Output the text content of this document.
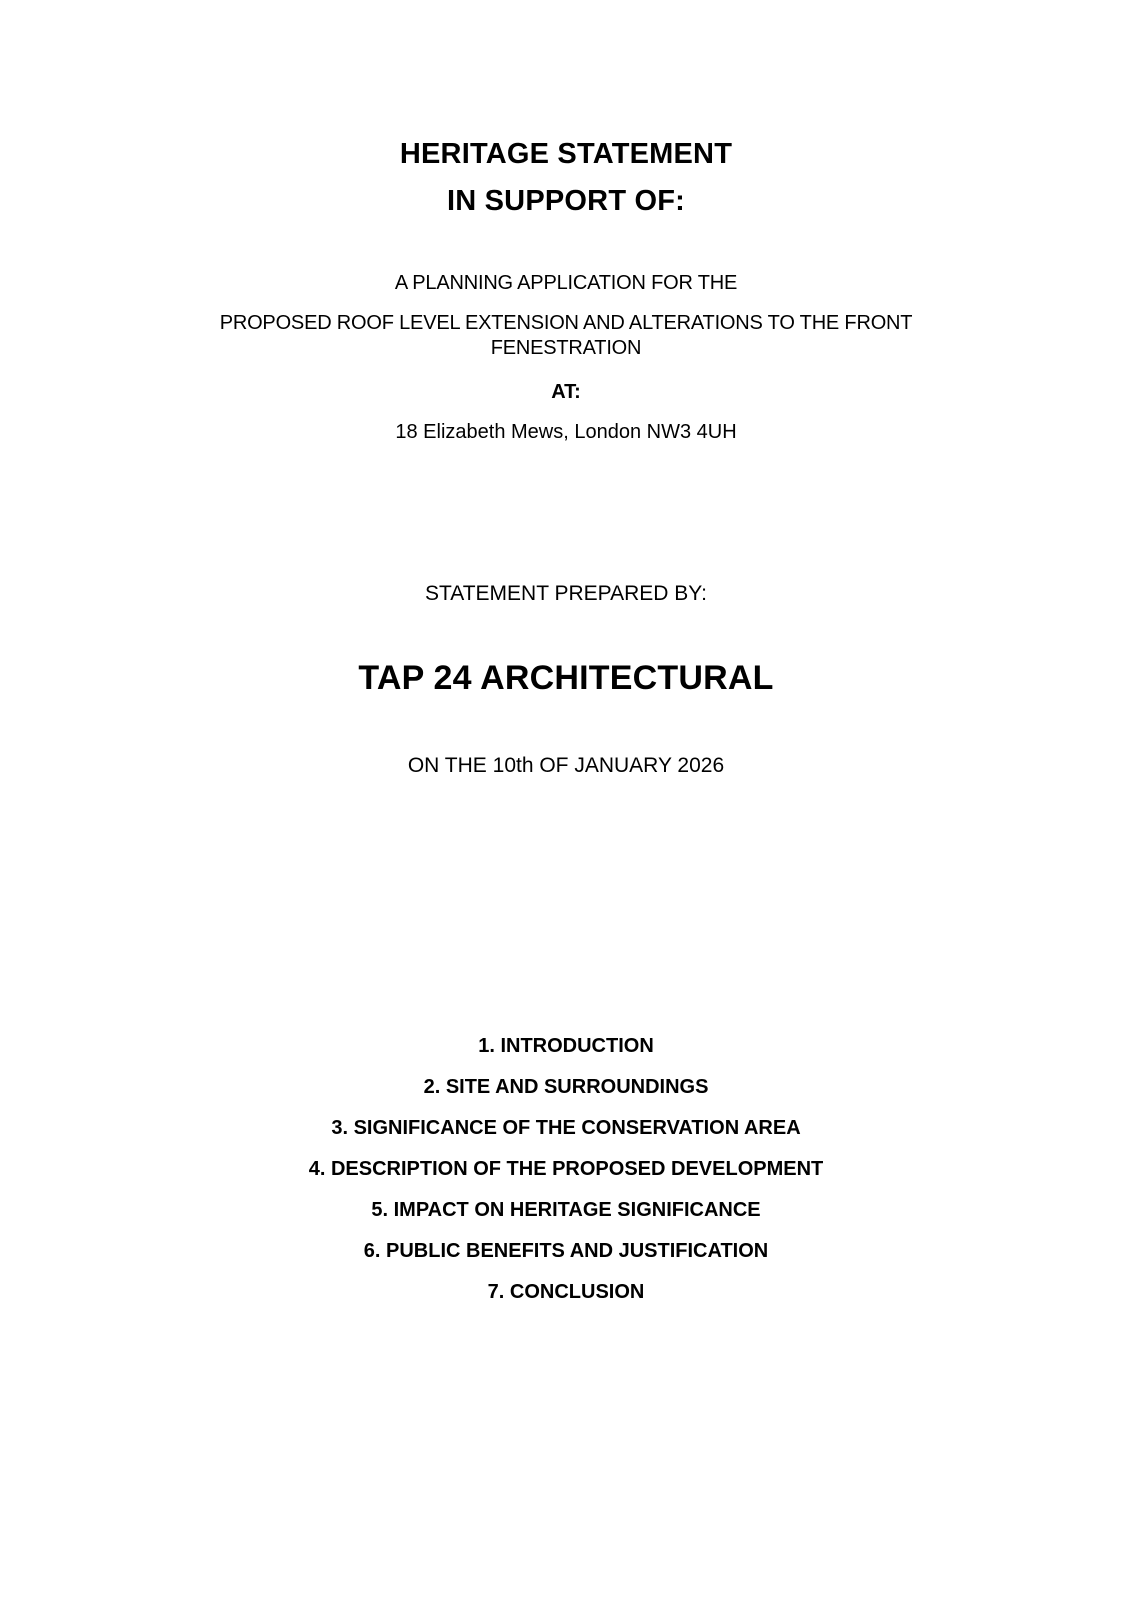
HERITAGE STATEMENT
IN SUPPORT OF:
A PLANNING APPLICATION FOR THE
PROPOSED ROOF LEVEL EXTENSION AND ALTERATIONS TO THE FRONT FENESTRATION
AT:
18 Elizabeth Mews, London NW3 4UH
STATEMENT PREPARED BY:
TAP 24 ARCHITECTURAL
ON THE 10th OF JANUARY 2026
1. INTRODUCTION
2. SITE AND SURROUNDINGS
3. SIGNIFICANCE OF THE CONSERVATION AREA
4. DESCRIPTION OF THE PROPOSED DEVELOPMENT
5. IMPACT ON HERITAGE SIGNIFICANCE
6. PUBLIC BENEFITS AND JUSTIFICATION
7. CONCLUSION
